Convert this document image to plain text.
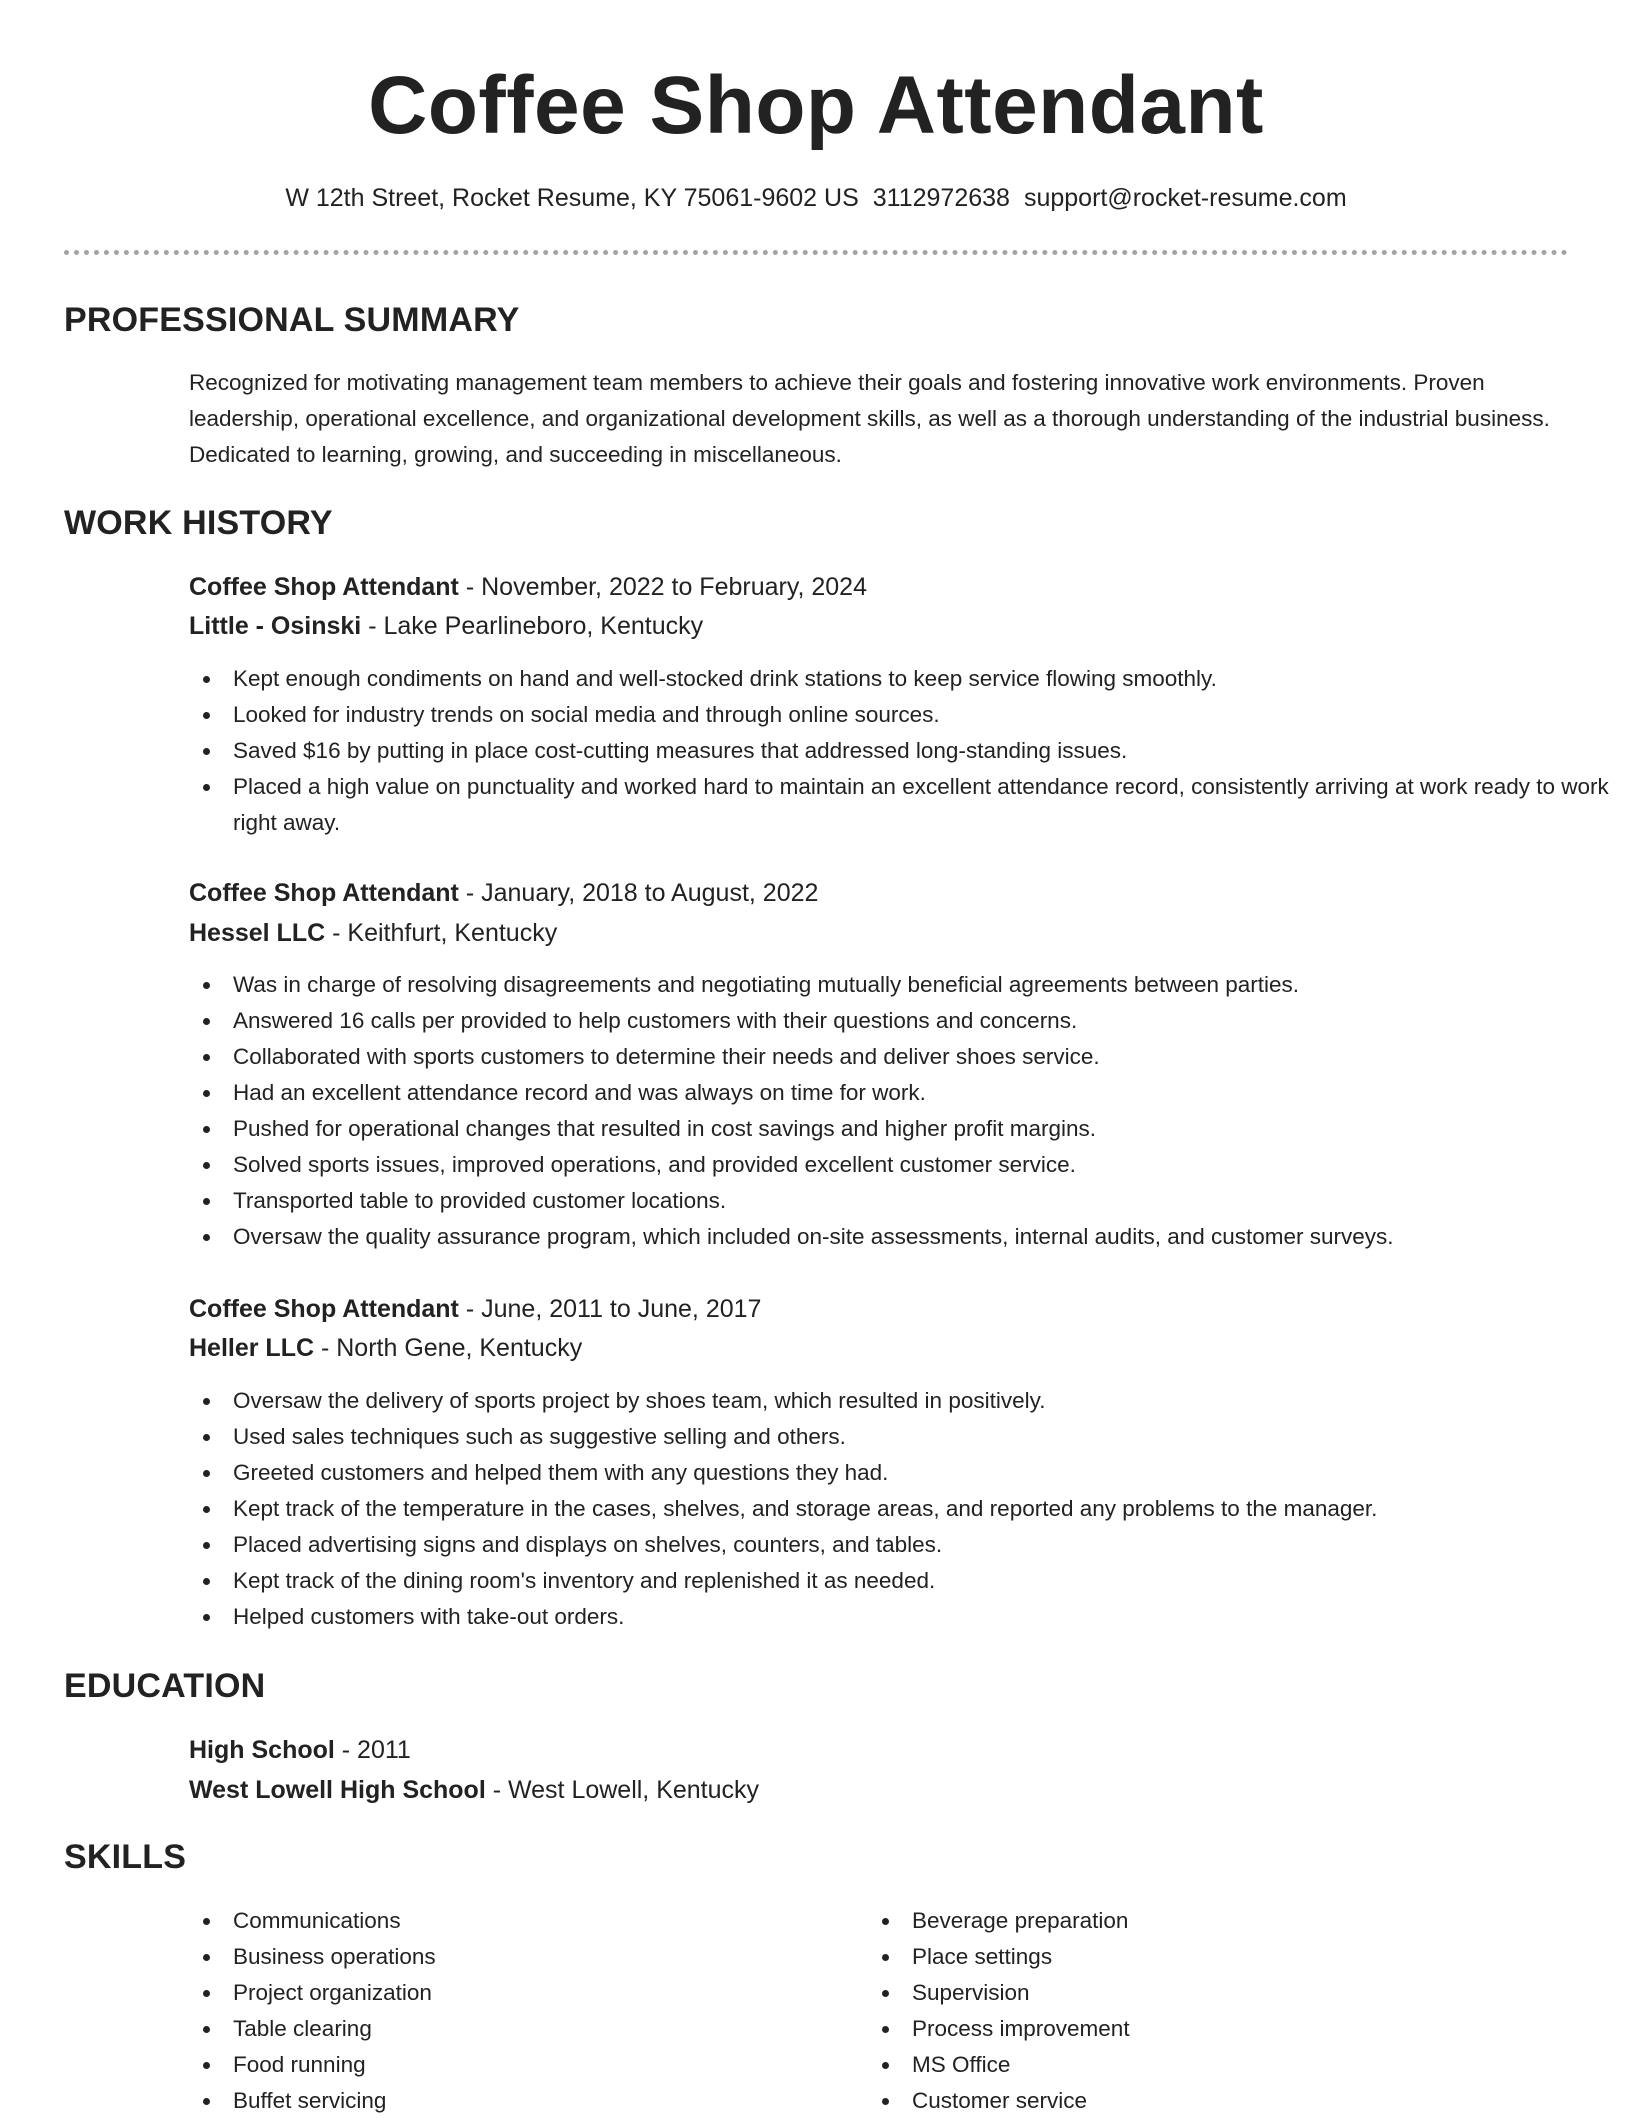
Coffee Shop Attendant
W 12th Street, Rocket Resume, KY 75061-9602 US 3112972638 support@rocket-resume.com
PROFESSIONAL SUMMARY
Recognized for motivating management team members to achieve their goals and fostering innovative work environments. Proven leadership, operational excellence, and organizational development skills, as well as a thorough understanding of the industrial business. Dedicated to learning, growing, and succeeding in miscellaneous.
WORK HISTORY
Coffee Shop Attendant - November, 2022 to February, 2024
Little - Osinski - Lake Pearlineboro, Kentucky
Kept enough condiments on hand and well-stocked drink stations to keep service flowing smoothly.
Looked for industry trends on social media and through online sources.
Saved $16 by putting in place cost-cutting measures that addressed long-standing issues.
Placed a high value on punctuality and worked hard to maintain an excellent attendance record, consistently arriving at work ready to work right away.
Coffee Shop Attendant - January, 2018 to August, 2022
Hessel LLC - Keithfurt, Kentucky
Was in charge of resolving disagreements and negotiating mutually beneficial agreements between parties.
Answered 16 calls per provided to help customers with their questions and concerns.
Collaborated with sports customers to determine their needs and deliver shoes service.
Had an excellent attendance record and was always on time for work.
Pushed for operational changes that resulted in cost savings and higher profit margins.
Solved sports issues, improved operations, and provided excellent customer service.
Transported table to provided customer locations.
Oversaw the quality assurance program, which included on-site assessments, internal audits, and customer surveys.
Coffee Shop Attendant - June, 2011 to June, 2017
Heller LLC - North Gene, Kentucky
Oversaw the delivery of sports project by shoes team, which resulted in positively.
Used sales techniques such as suggestive selling and others.
Greeted customers and helped them with any questions they had.
Kept track of the temperature in the cases, shelves, and storage areas, and reported any problems to the manager.
Placed advertising signs and displays on shelves, counters, and tables.
Kept track of the dining room's inventory and replenished it as needed.
Helped customers with take-out orders.
EDUCATION
High School - 2011
West Lowell High School - West Lowell, Kentucky
SKILLS
Communications
Business operations
Project organization
Table clearing
Food running
Buffet servicing
Beverage preparation
Place settings
Supervision
Process improvement
MS Office
Customer service
